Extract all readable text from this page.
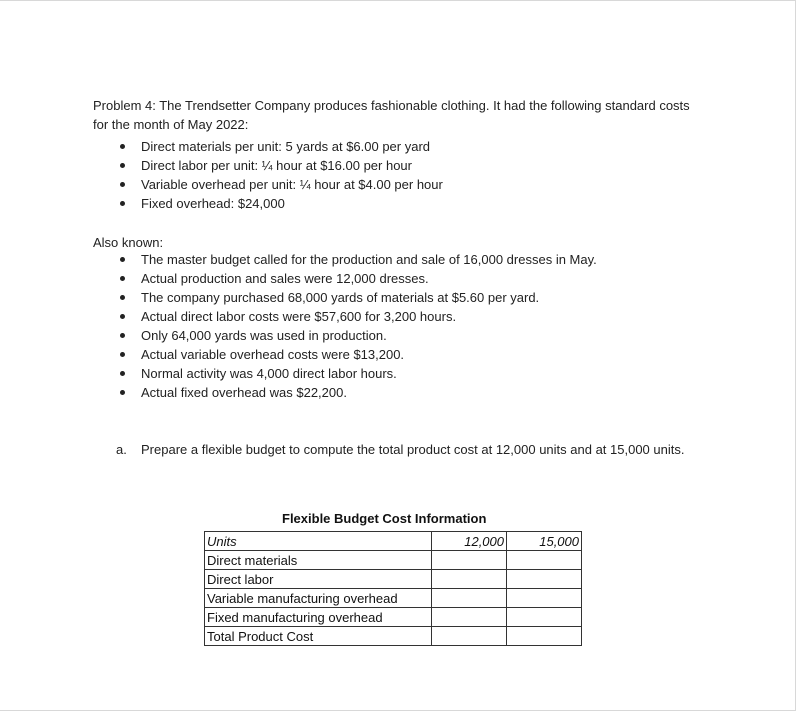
Problem 4: The Trendsetter Company produces fashionable clothing. It had the following standard costs for the month of May 2022:
Direct materials per unit: 5 yards at $6.00 per yard
Direct labor per unit: ¼ hour at $16.00 per hour
Variable overhead per unit: ¼ hour at $4.00 per hour
Fixed overhead: $24,000
Also known:
The master budget called for the production and sale of 16,000 dresses in May.
Actual production and sales were 12,000 dresses.
The company purchased 68,000 yards of materials at $5.60 per yard.
Actual direct labor costs were $57,600 for 3,200 hours.
Only 64,000 yards was used in production.
Actual variable overhead costs were $13,200.
Normal activity was 4,000 direct labor hours.
Actual fixed overhead was $22,200.
a. Prepare a flexible budget to compute the total product cost at 12,000 units and at 15,000 units.
Flexible Budget Cost Information
Units	12,000	15,000
Direct materials		
Direct labor		
Variable manufacturing overhead		
Fixed manufacturing overhead		
Total Product Cost		
